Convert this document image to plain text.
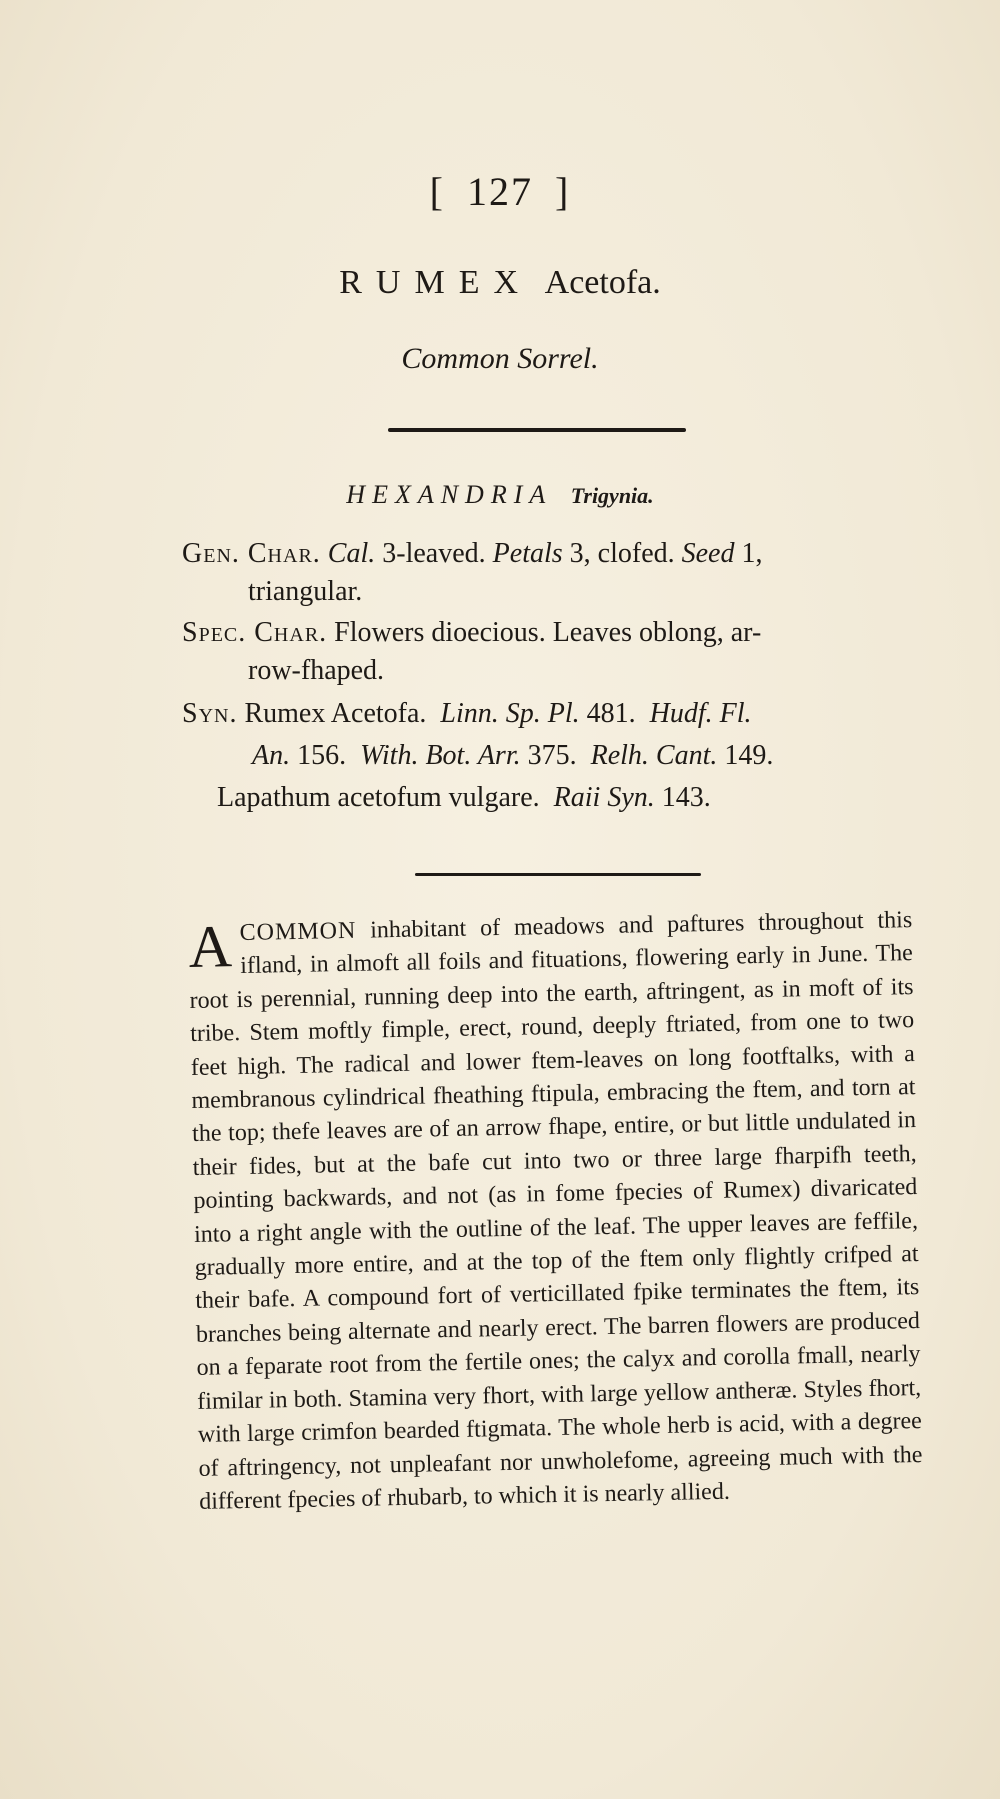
[ 127 ]
RUMEX Acetofa.
Common Sorrel.
HEXANDRIA Trigynia.
Gen. Char. Cal. 3-leaved. Petals 3, clofed. Seed 1,
triangular.
Spec. Char. Flowers dioecious. Leaves oblong, ar-
row-fhaped.
Syn. Rumex Acetofa. Linn. Sp. Pl. 481. Hudf. Fl.
An. 156. With. Bot. Arr. 375. Relh. Cant. 149.
Lapathum acetofum vulgare. Raii Syn. 143.
A COMMON inhabitant of meadows and paftures throughout this ifland, in almoft all foils and fituations, flowering early in June. The root is perennial, running deep into the earth, aftringent, as in moft of its tribe. Stem moftly fimple, erect, round, deeply ftriated, from one to two feet high. The radical and lower ftem-leaves on long footftalks, with a membranous cylindrical fheathing ftipula, embracing the ftem, and torn at the top; thefe leaves are of an arrow fhape, entire, or but little undulated in their fides, but at the bafe cut into two or three large fharpifh teeth, pointing backwards, and not (as in fome fpecies of Rumex) divaricated into a right angle with the outline of the leaf. The upper leaves are feffile, gradually more entire, and at the top of the ftem only flightly crifped at their bafe. A compound fort of verticillated fpike terminates the ftem, its branches being alternate and nearly erect. The barren flowers are produced on a feparate root from the fertile ones; the calyx and corolla fmall, nearly fimilar in both. Stamina very fhort, with large yellow antheræ. Styles fhort, with large crimfon bearded ftigmata. The whole herb is acid, with a degree of aftringency, not unpleafant nor unwholefome, agreeing much with the different fpecies of rhubarb, to which it is nearly allied.
